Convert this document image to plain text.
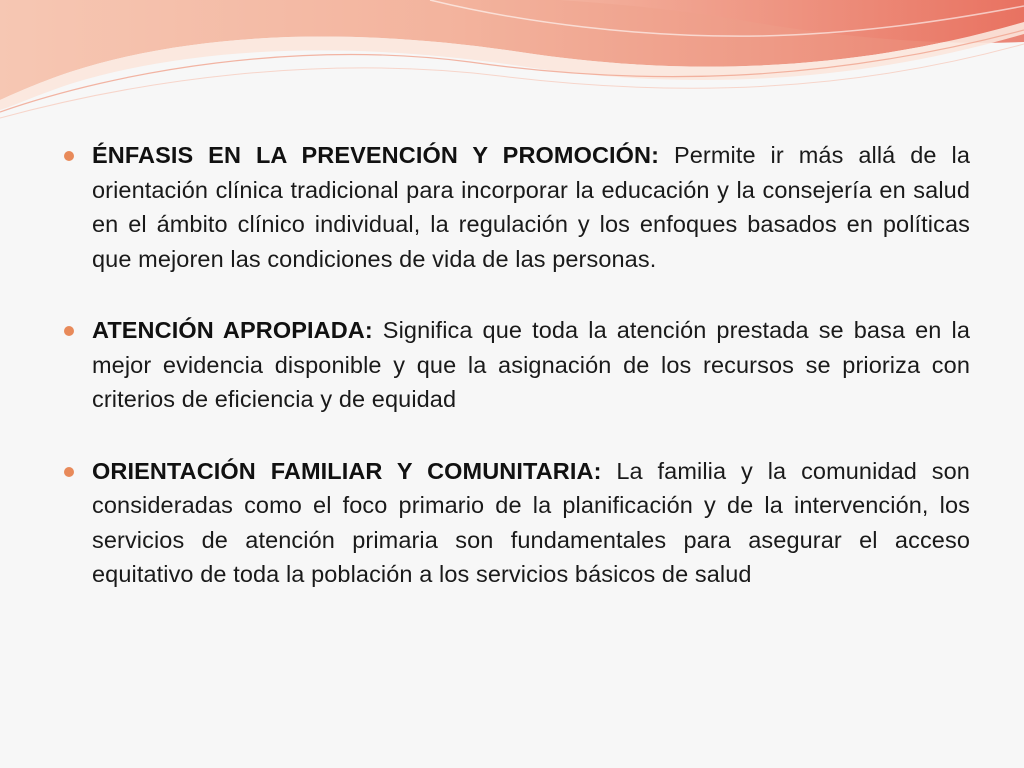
ÉNFASIS EN LA PREVENCIÓN Y PROMOCIÓN: Permite ir más allá de la orientación clínica tradicional para incorporar la educación y la consejería en salud en el ámbito clínico individual, la regulación y los enfoques basados en políticas que mejoren las condiciones de vida de las personas.
ATENCIÓN APROPIADA: Significa que toda la atención prestada se basa en la mejor evidencia disponible y que la asignación de los recursos se prioriza con criterios de eficiencia y de equidad
ORIENTACIÓN FAMILIAR Y COMUNITARIA: La familia y la comunidad son consideradas como el foco primario de la planificación y de la intervención, los servicios de atención primaria son fundamentales para asegurar el acceso equitativo de toda la población a los servicios básicos de salud
